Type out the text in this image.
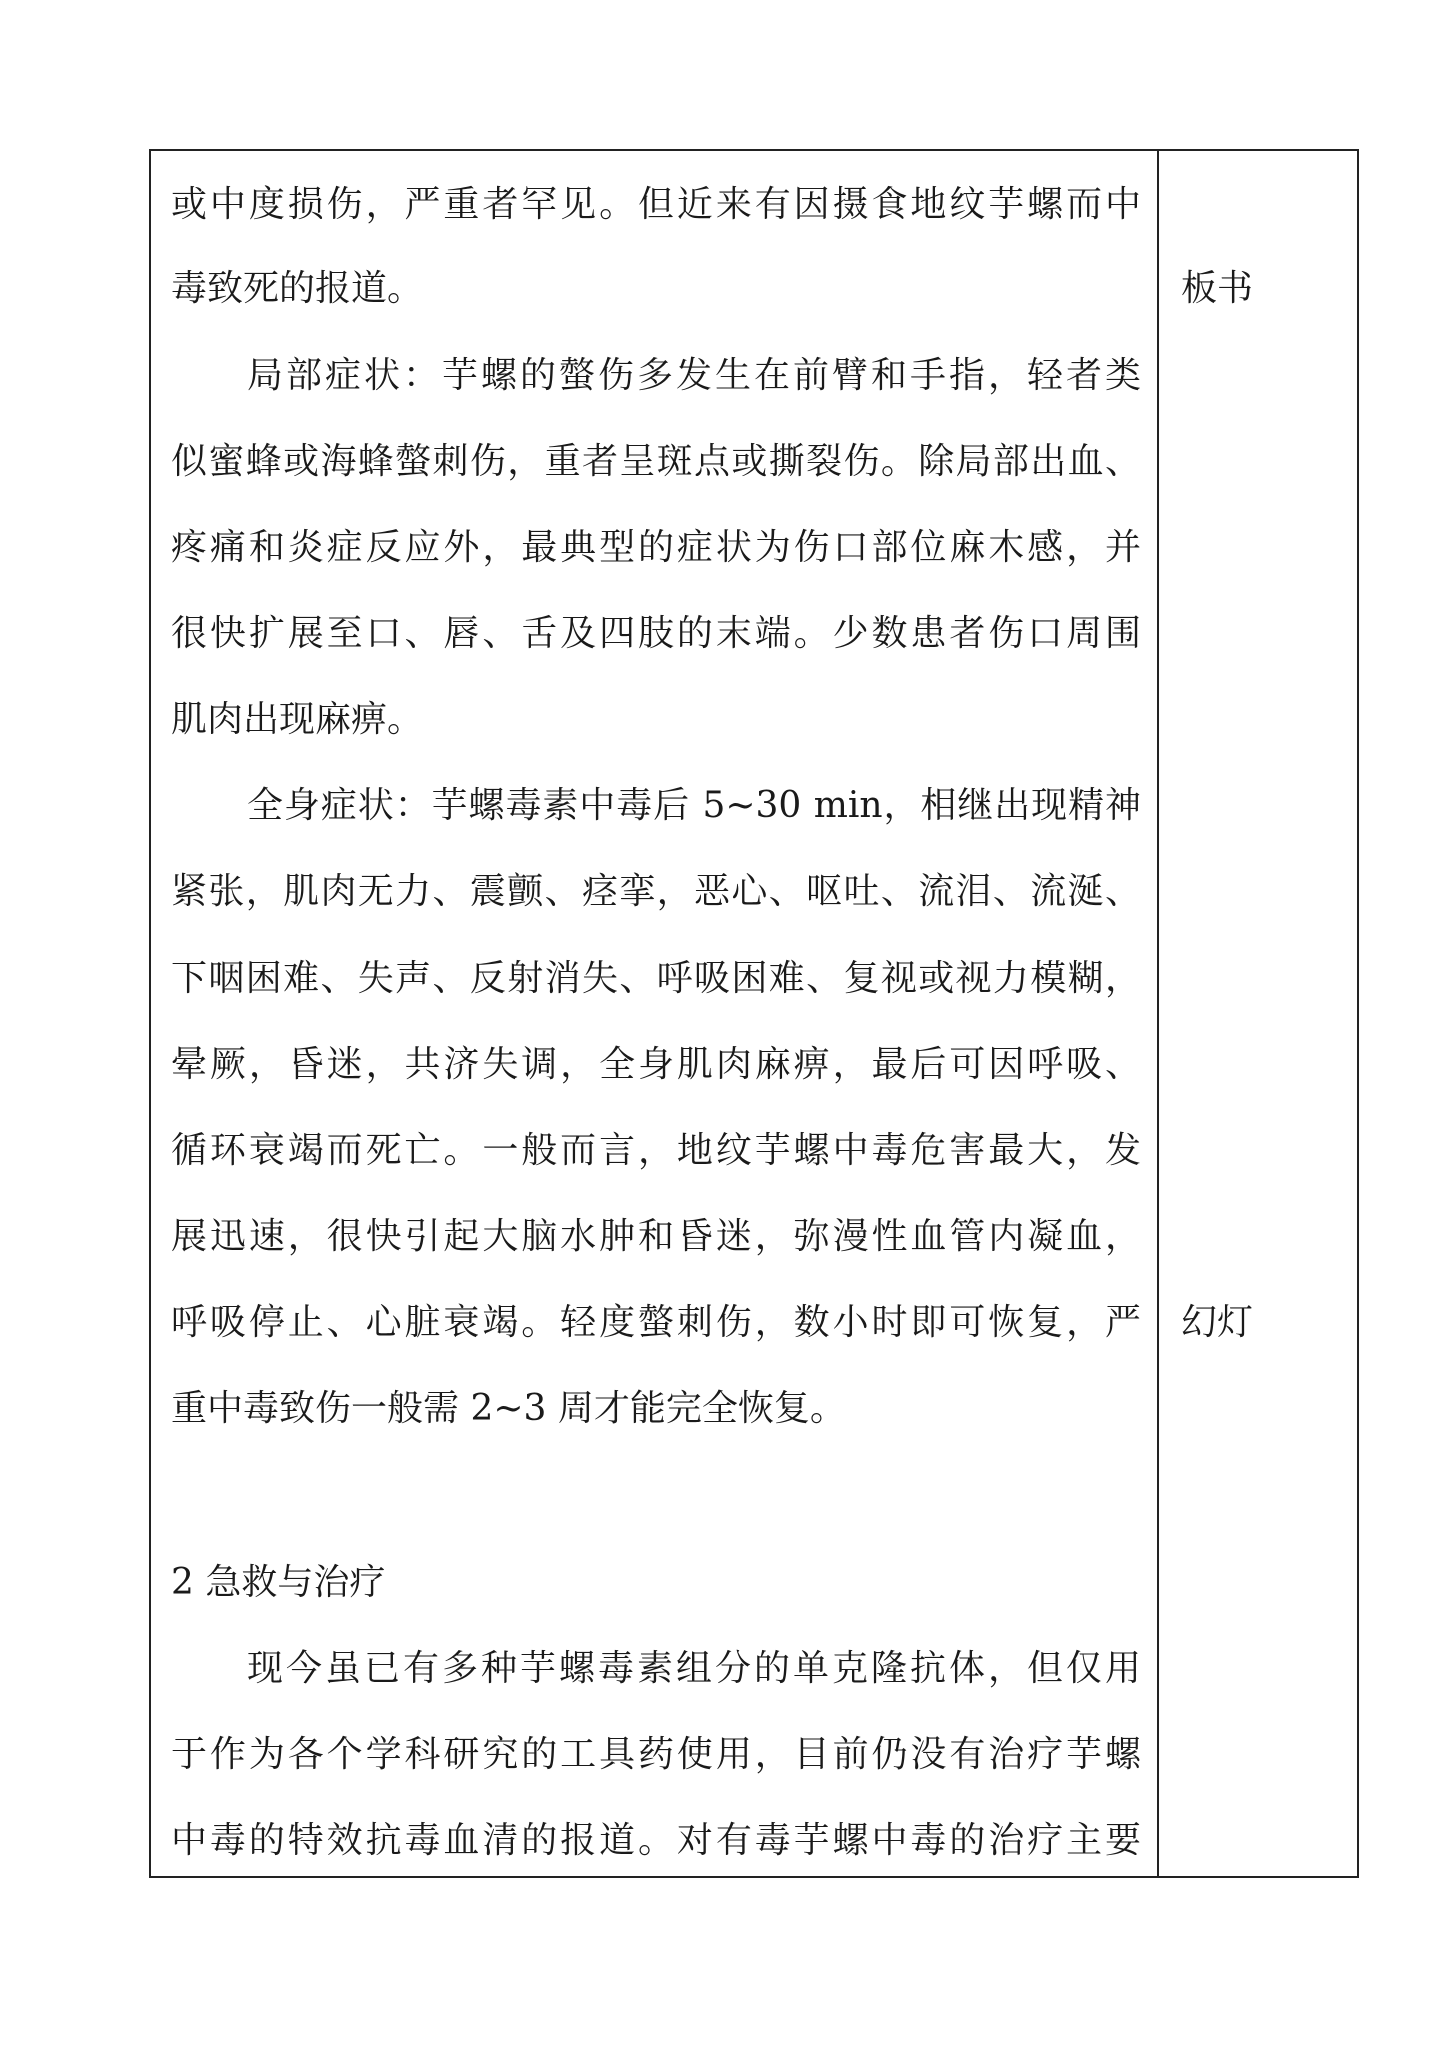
或中度损伤，严重者罕见。但近来有因摄食地纹芋螺而中
毒致死的报道。
局部症状：芋螺的螫伤多发生在前臂和手指，轻者类
似蜜蜂或海蜂螫刺伤，重者呈斑点或撕裂伤。除局部出血、
疼痛和炎症反应外，最典型的症状为伤口部位麻木感，并
很快扩展至口、唇、舌及四肢的末端。少数患者伤口周围
肌肉出现麻痹。
全身症状：芋螺毒素中毒后 5~30 min，相继出现精神
紧张，肌肉无力、震颤、痉挛，恶心、呕吐、流泪、流涎、
下咽困难、失声、反射消失、呼吸困难、复视或视力模糊，
晕厥，昏迷，共济失调，全身肌肉麻痹，最后可因呼吸、
循环衰竭而死亡。一般而言，地纹芋螺中毒危害最大，发
展迅速，很快引起大脑水肿和昏迷，弥漫性血管内凝血，
呼吸停止、心脏衰竭。轻度螫刺伤，数小时即可恢复，严
重中毒致伤一般需 2~3 周才能完全恢复。
2 急救与治疗
现今虽已有多种芋螺毒素组分的单克隆抗体，但仅用
于作为各个学科研究的工具药使用，目前仍没有治疗芋螺
中毒的特效抗毒血清的报道。对有毒芋螺中毒的治疗主要
板书
幻灯
